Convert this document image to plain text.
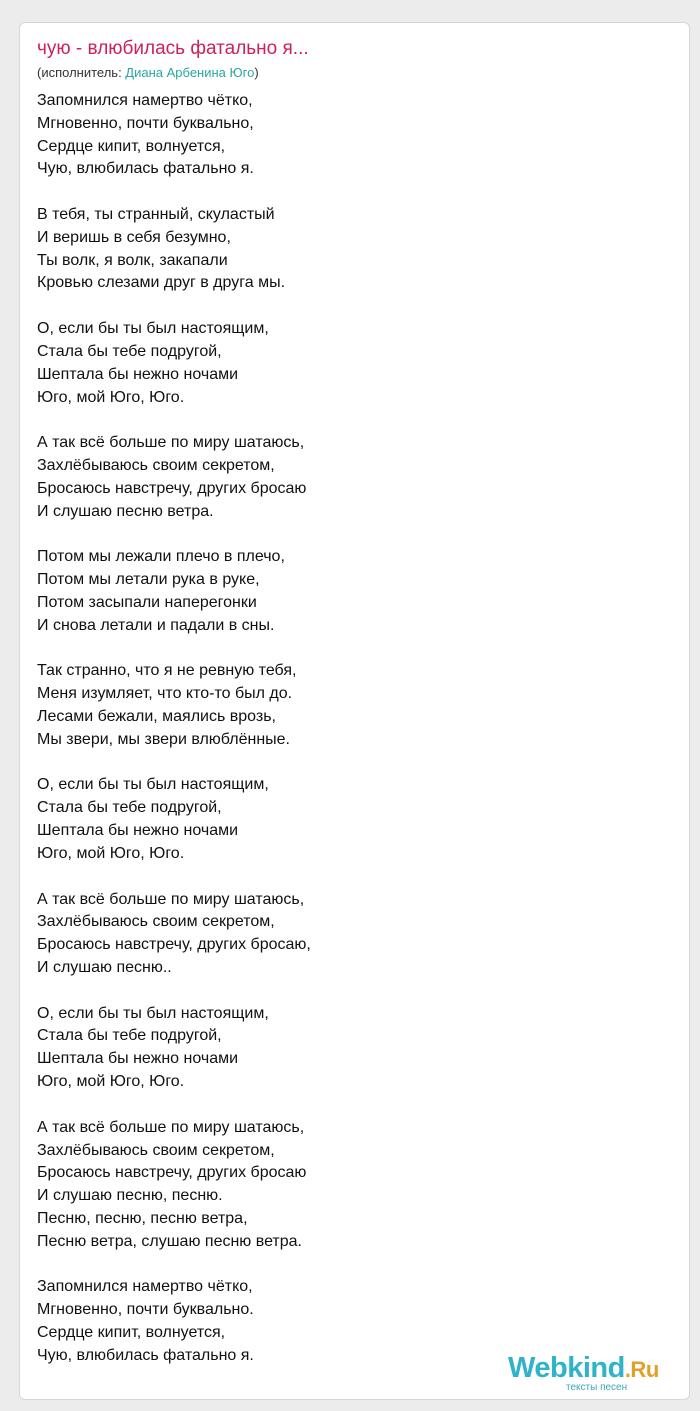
чую - влюбилась фатально я...
(исполнитель: Диана Арбенина Юго)
Запомнился намертво чётко,
Мгновенно, почти буквально,
Сердце кипит, волнуется,
Чую, влюбилась фатально я.
В тебя, ты странный, скуластый
И веришь в себя безумно,
Ты волк, я волк, закапали
Кровью слезами друг в друга мы.
О, если бы ты был настоящим,
Стала бы тебе подругой,
Шептала бы нежно ночами
Юго, мой Юго, Юго.
А так всё больше по миру шатаюсь,
Захлёбываюсь своим секретом,
Бросаюсь навстречу, других бросаю
И слушаю песню ветра.
Потом мы лежали плечо в плечо,
Потом мы летали рука в руке,
Потом засыпали наперегонки
И снова летали и падали в сны.
Так странно, что я не ревную тебя,
Меня изумляет, что кто-то был до.
Лесами бежали, маялись врозь,
Мы звери, мы звери влюблённые.
О, если бы ты был настоящим,
Стала бы тебе подругой,
Шептала бы нежно ночами
Юго, мой Юго, Юго.
А так всё больше по миру шатаюсь,
Захлёбываюсь своим секретом,
Бросаюсь навстречу, других бросаю,
И слушаю песню..
О, если бы ты был настоящим,
Стала бы тебе подругой,
Шептала бы нежно ночами
Юго, мой Юго, Юго.
А так всё больше по миру шатаюсь,
Захлёбываюсь своим секретом,
Бросаюсь навстречу, других бросаю
И слушаю песню, песню.
Песню, песню, песню ветра,
Песню ветра, слушаю песню ветра.
Запомнился намертво чётко,
Мгновенно, почти буквально.
Сердце кипит, волнуется,
Чую, влюбилась фатально я.	Webkind.Ru
тексты песен
